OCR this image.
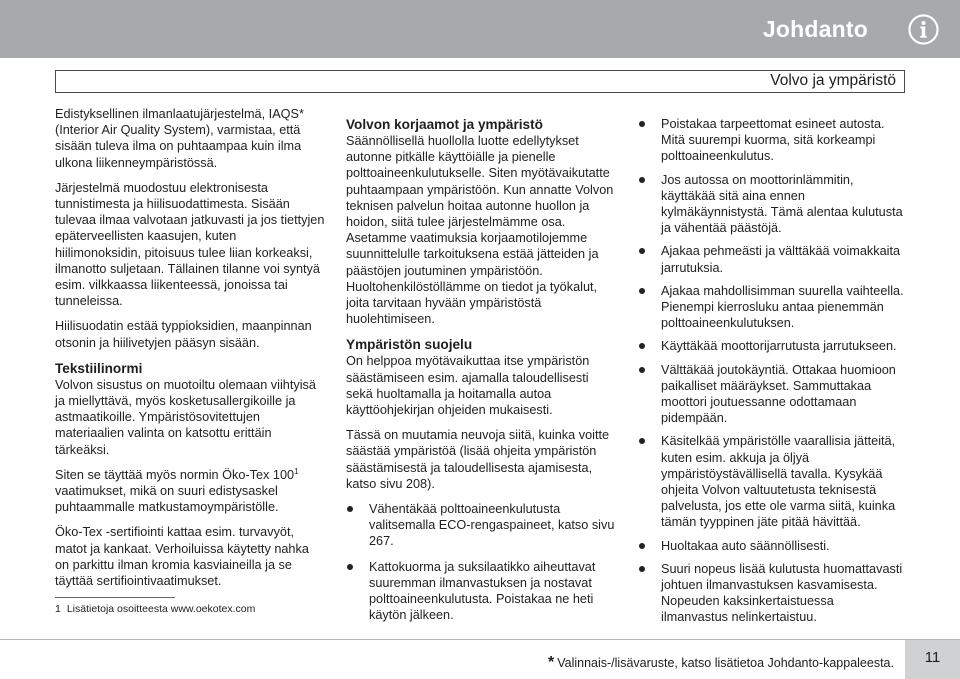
Johdanto
Volvo ja ympäristö

Edistyksellinen ilmanlaatujärjestelmä, IAQS* (Interior Air Quality System), varmistaa, että sisään tuleva ilma on puhtaampaa kuin ilma ulkona liikenneympäristössä.

Järjestelmä muodostuu elektronisesta tunnistimesta ja hiilisuodattimesta. Sisään tulevaa ilmaa valvotaan jatkuvasti ja jos tiettyjen epäterveellisten kaasujen, kuten hiilimonoksidin, pitoisuus tulee liian korkeaksi, ilmanotto suljetaan. Tällainen tilanne voi syntyä esim. vilkkaassa liikenteessä, jonoissa tai tunneleissa.

Hiilisuodatin estää typpioksidien, maanpinnan otsonin ja hiilivetyjen pääsyn sisään.

Tekstiilinormi

Volvon sisustus on muotoiltu olemaan viihtyisä ja miellyttävä, myös kosketusallergikoille ja astmaatikoille. Ympäristösovitettujen materiaalien valinta on katsottu erittäin tärkeäksi.

Siten se täyttää myös normin Öko-Tex $100^1$ vaatimukset, mikä on suuri edistysaskel puhtaammalle matkustamoympäristölle.

Öko-Tex -sertifiointi kattaa esim. turvavyöt, matot ja kankaat. Verhoiluissa käytetty nahka on parkittu ilman kromia kasviaineilla ja se täyttää sertifiointivaatimukset.

Volvon korjaamot ja ympäristö

Säännöllisellä huollolla luotte edellytykset autonne pitkälle käyttöiälle ja pienelle polttoaineenkulutukselle. Siten myötävaikutatte puhtaampaan ympäristöön. Kun annatte Volvon teknisen palvelun hoitaa autonne huollon ja hoidon, siitä tulee järjestelmämme osa. Asetamme vaatimuksia korjaamotilojemme suunnittelulle tarkoituksena estää jätteiden ja päästöjen joutuminen ympäristöön. Huoltohenkilöstöllämme on tiedot ja työkalut, joita tarvitaan hyvään ympäristöstä huolehtimiseen.

Ympäristön suojelu

On helppoa myötävaikuttaa itse ympäristön säästämiseen esim. ajamalla taloudellisesti sekä huoltamalla ja hoitamalla autoa käyttöohjekirjan ohjeiden mukaisesti.

Tässä on muutamia neuvoja siitä, kuinka voitte säästää ympäristöä (lisää ohjeita ympäristön säästämisestä ja taloudellisesta ajamisesta, katso sivu 208).

Vähentäkää polttoaineenkulutusta valitsemalla ECO-rengaspaineet, katso sivu 267.
Kattokuorma ja suksilaatikko aiheuttavat suuremman ilmanvastuksen ja nostavat polttoaineenkulutusta. Poistakaa ne heti käytön jälkeen.
Poistakaa tarpeettomat esineet autosta. Mitä suurempi kuorma, sitä korkeampi polttoaineenkulutus.
Jos autossa on moottorinlämmitin, käyttäkää sitä aina ennen kylmäkäynnistystä. Tämä alentaa kulutusta ja vähentää päästöjä.
Ajakaa pehmeästi ja välttäkää voimakkaita jarrutuksia.
Ajakaa mahdollisimman suurella vaihteella. Pienempi kierrosluku antaa pienemmän polttoaineenkulutuksen.
Käyttäkää moottorijarrutusta jarrutukseen.
Välttäkää joutokäyntiä. Ottakaa huomioon paikalliset määräykset. Sammuttakaa moottori joutuessanne odottamaan pidempään.
Käsitelkää ympäristölle vaarallisia jätteitä, kuten esim. akkuja ja öljyä ympäristöystävällisellä tavalla. Kysykää ohjeita Volvon valtuutetusta teknisestä palvelusta, jos ette ole varma siitä, kuinka tämän tyyppinen jäte pitää hävittää.
Huoltakaa auto säännöllisesti.
Suuri nopeus lisää kulutusta huomattavasti johtuen ilmanvastuksen kasvamisesta. Nopeuden kaksinkertaistuessa ilmanvastus nelinkertaistuu.
1 Lisätietoja osoitteesta www.oekotex.com
* Valinnais-/lisävaruste, katso lisätietoa Johdanto-kappaleesta.	11
